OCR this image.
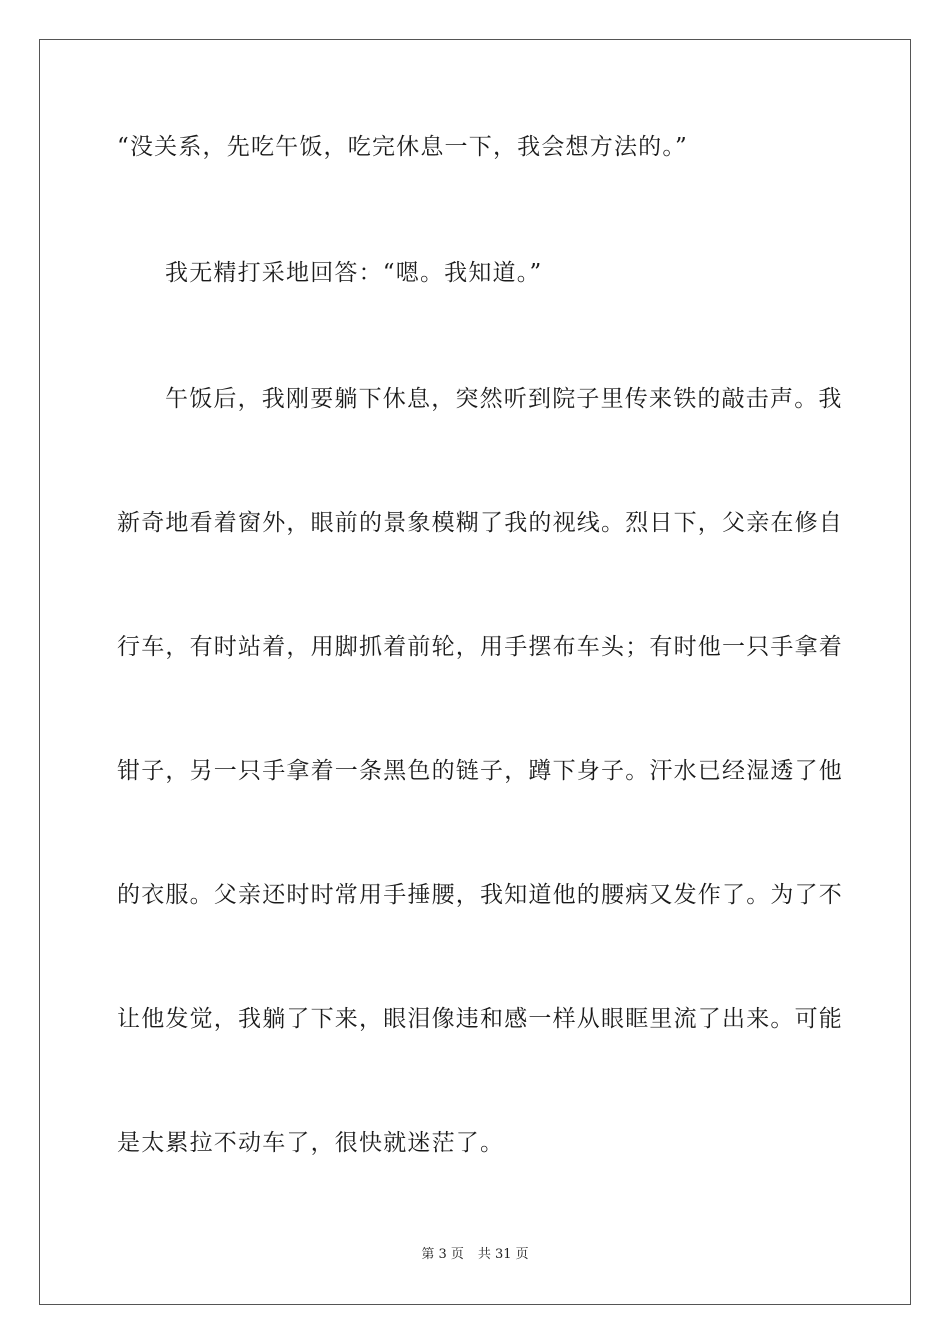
“没关系，先吃午饭，吃完休息一下，我会想方法的。”
我无精打采地回答：“嗯。我知道。”
午饭后，我刚要躺下休息，突然听到院子里传来铁的敲击声。我
新奇地看着窗外，眼前的景象模糊了我的视线。烈日下，父亲在修自
行车，有时站着，用脚抓着前轮，用手摆布车头；有时他一只手拿着
钳子，另一只手拿着一条黑色的链子，蹲下身子。汗水已经湿透了他
的衣服。父亲还时时常用手捶腰，我知道他的腰病又发作了。为了不
让他发觉，我躺了下来，眼泪像违和感一样从眼眶里流了出来。可能
是太累拉不动车了，很快就迷茫了。
第 3 页 共 31 页
